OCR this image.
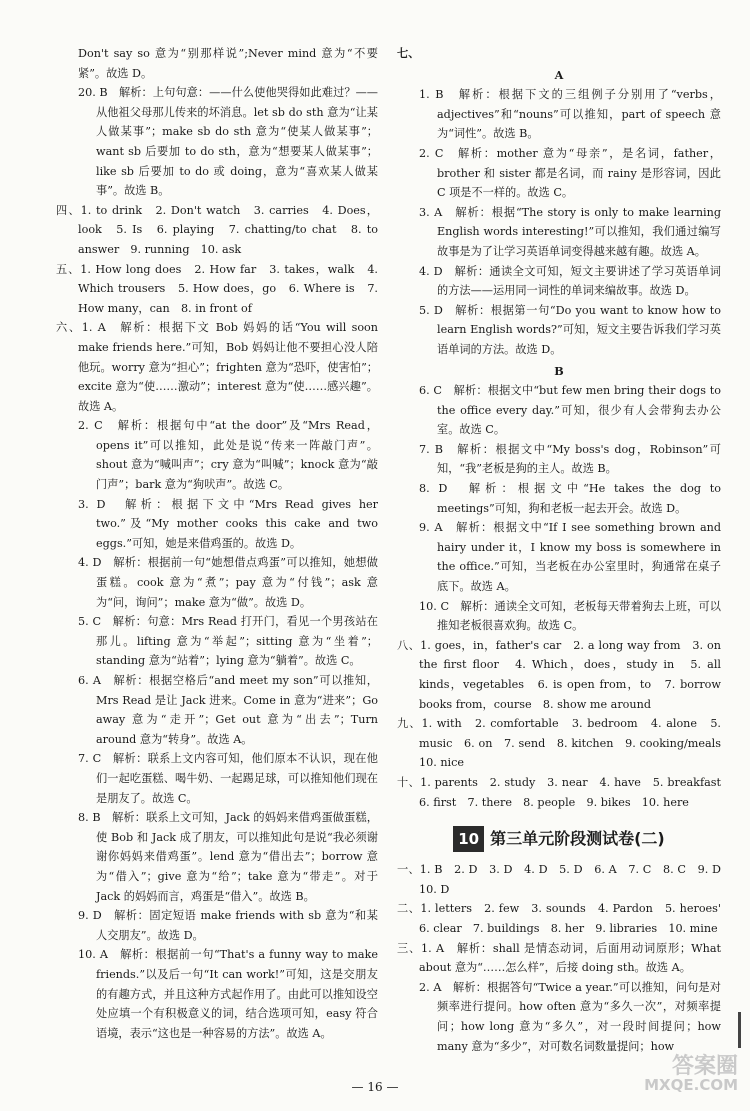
Don't say so 意为“别那样说”;Never mind 意为“不要紧”。故选 D。

20. B　解析：上句句意：——什么使他哭得如此难过？——从他祖父母那儿传来的坏消息。let sb do sth 意为“让某人做某事”；make sb do sth 意为“使某人做某事”；want sb 后要加 to do sth，意为“想要某人做某事”；like sb 后要加 to do 或 doing，意为“喜欢某人做某事”。故选 B。

四、1. to drink　2. Don't watch　3. carries　4. Does，look　5. Is　6. playing　7. chatting/to chat　8. to answer　9. running　10. ask

五、1. How long does　2. How far　3. takes，walk　4. Which trousers　5. How does，go　6. Where is　7. How many，can　8. in front of

六、1. A　解析：根据下文 Bob 妈妈的话“You will soon make friends here.”可知，Bob 妈妈让他不要担心没人陪他玩。worry 意为“担心”；frighten 意为“恐吓，使害怕”；excite 意为“使……激动”；interest 意为“使……感兴趣”。故选 A。

2. C　解析：根据句中“at the door”及“Mrs Read，opens it”可以推知，此处是说“传来一阵敲门声”。shout 意为“喊叫声”；cry 意为“叫喊”；knock 意为“敲门声”；bark 意为“狗吠声”。故选 C。

3. D　解析：根据下文中“Mrs Read gives her two.”及“My mother cooks this cake and two eggs.”可知，她是来借鸡蛋的。故选 D。

4. D　解析：根据前一句“她想借点鸡蛋”可以推知，她想做蛋糕。cook 意为“煮”；pay 意为“付钱”；ask 意为“问，询问”；make 意为“做”。故选 D。

5. C　解析：句意：Mrs Read 打开门，看见一个男孩站在那儿。lifting 意为“举起”；sitting 意为“坐着”；standing 意为“站着”；lying 意为“躺着”。故选 C。

6. A　解析：根据空格后“and meet my son”可以推知，Mrs Read 是让 Jack 进来。Come in 意为“进来”；Go away 意为“走开”；Get out 意为“出去”；Turn around 意为“转身”。故选 A。

7. C　解析：联系上文内容可知，他们原本不认识，现在他们一起吃蛋糕、喝牛奶、一起踢足球，可以推知他们现在是朋友了。故选 C。

8. B　解析：联系上文可知，Jack 的妈妈来借鸡蛋做蛋糕，使 Bob 和 Jack 成了朋友，可以推知此句是说“我必须谢谢你妈妈来借鸡蛋”。lend 意为“借出去”；borrow 意为“借入”；give 意为“给”；take 意为“带走”。对于 Jack 的妈妈而言，鸡蛋是“借入”。故选 B。

9. D　解析：固定短语 make friends with sb 意为“和某人交朋友”。故选 D。

10. A　解析：根据前一句“That's a funny way to make friends.”以及后一句“It can work!”可知，这是交朋友的有趣方式，并且这种方式起作用了。由此可以推知设空处应填一个有积极意义的词，结合选项可知，easy 符合语境，表示“这也是一种容易的方法”。故选 A。

七、

A

1. B　解析：根据下文的三组例子分别用了“verbs，adjectives”和“nouns”可以推知，part of speech 意为“词性”。故选 B。

2. C　解析：mother 意为“母亲”，是名词，father，brother 和 sister 都是名词，而 rainy 是形容词，因此 C 项是不一样的。故选 C。

3. A　解析：根据“The story is only to make learning English words interesting!”可以推知，我们通过编写故事是为了让学习英语单词变得越来越有趣。故选 A。

4. D　解析：通读全文可知，短文主要讲述了学习英语单词的方法——运用同一词性的单词来编故事。故选 D。

5. D　解析：根据第一句“Do you want to know how to learn English words?”可知，短文主要告诉我们学习英语单词的方法。故选 D。

B

6. C　解析：根据文中“but few men bring their dogs to the office every day.”可知，很少有人会带狗去办公室。故选 C。

7. B　解析：根据文中“My boss's dog，Robinson”可知，“我”老板是狗的主人。故选 B。

8. D　解析：根据文中“He takes the dog to meetings”可知，狗和老板一起去开会。故选 D。

9. A　解析：根据文中“If I see something brown and hairy under it，I know my boss is somewhere in the office.”可知，当老板在办公室里时，狗通常在桌子底下。故选 A。

10. C　解析：通读全文可知，老板每天带着狗去上班，可以推知老板很喜欢狗。故选 C。

八、1. goes，in，father's car　2. a long way from　3. on the first floor　4. Which，does，study in　5. all kinds，vegetables　6. is open from，to　7. borrow books from，course　8. show me around

九、1. with　2. comfortable　3. bedroom　4. alone　5. music　6. on　7. send　8. kitchen　9. cooking/meals　10. nice

十、1. parents　2. study　3. near　4. have　5. breakfast　6. first　7. there　8. people　9. bikes　10. here

10 第三单元阶段测试卷(二)

一、1. B　2. D　3. D　4. D　5. D　6. A　7. C　8. C　9. D　10. D

二、1. letters　2. few　3. sounds　4. Pardon　5. heroes'　6. clear　7. buildings　8. her　9. libraries　10. mine

三、1. A　解析：shall 是情态动词，后面用动词原形；What about 意为“……怎么样”，后接 doing sth。故选 A。

2. A　解析：根据答句“Twice a year.”可以推知，问句是对频率进行提问。how often 意为“多久一次”，对频率提问；how long 意为“多久”，对一段时间提问；how many 意为“多少”，对可数名词数量提问；how

— 16 —
答案圈
MXQE.COM
